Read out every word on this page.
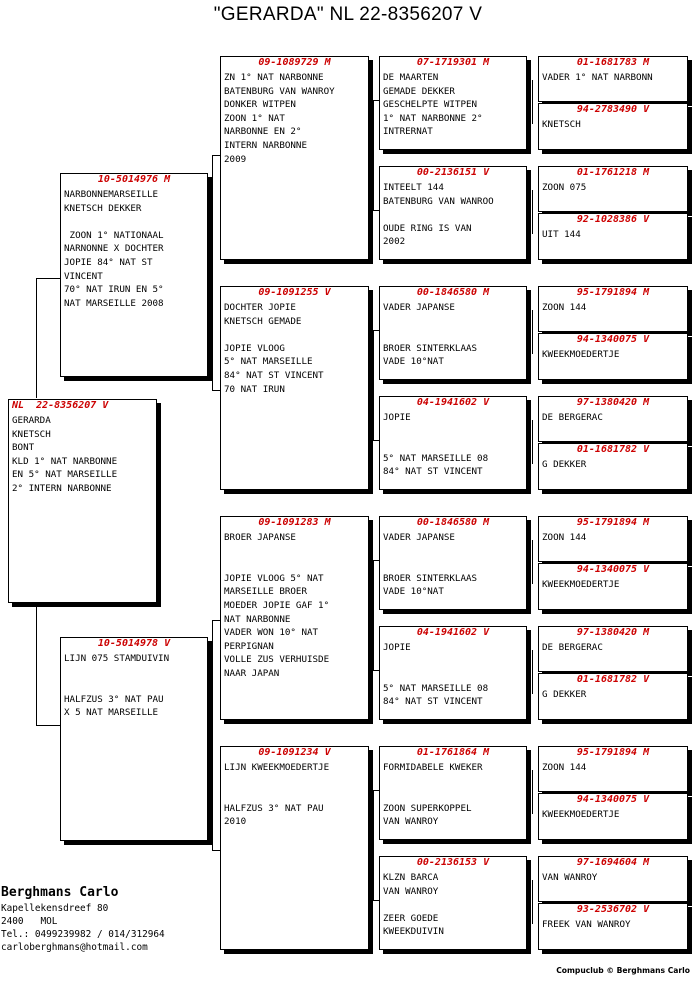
"GERARDA" NL 22-8356207 V
NL  22-8356207 V
GERARDA
KNETSCH
BONT
KLD 1° NAT NARBONNE
EN 5° NAT MARSEILLE
2° INTERN NARBONNE
10-5014976 M
NARBONNEMARSEILLE
KNETSCH DEKKER

ZOON 1° NATIONAAL
NARNONNE X DOCHTER
JOPIE 84° NAT ST
VINCENT
70° NAT IRUN EN 5°
NAT MARSEILLE 2008
10-5014978 V
LIJN 075 STAMDUIVIN

HALFZUS 3° NAT PAU
X 5 NAT MARSEILLE
09-1089729 M
ZN 1° NAT NARBONNE
BATENBURG VAN WANROY
DONKER WITPEN
ZOON 1° NAT
NARBONNE EN 2°
INTERN NARBONNE
2009
09-1091255 V
DOCHTER JOPIE
KNETSCH GEMADE

JOPIE VLOOG
5° NAT MARSEILLE
84° NAT ST VINCENT
70 NAT IRUN
09-1091283 M
BROER JAPANSE

JOPIE VLOOG 5° NAT
MARSEILLE BROER
MOEDER JOPIE GAF 1°
NAT NARBONNE
VADER WON 10° NAT
PERPIGNAN
VOLLE ZUS VERHUISDE
NAAR JAPAN
09-1091234 V
LIJN KWEEKMOEDERTJE

HALFZUS 3° NAT PAU
2010
07-1719301 M
DE MAARTEN
GEMADE DEKKER
GESCHELPTE WITPEN
1° NAT NARBONNE 2°
INTRERNAT
00-2136151 V
INTEELT 144
BATENBURG VAN WANROO

OUDE RING IS VAN
2002
00-1846580 M
VADER JAPANSE

BROER SINTERKLAAS
VADE 10°NAT
04-1941602 V
JOPIE

5° NAT MARSEILLE 08
84° NAT ST VINCENT
00-1846580 M
VADER JAPANSE

BROER SINTERKLAAS
VADE 10°NAT
04-1941602 V
JOPIE

5° NAT MARSEILLE 08
84° NAT ST VINCENT
01-1761864 M
FORMIDABELE KWEKER

ZOON SUPERKOPPEL
VAN WANROY
00-2136153 V
KLZN BARCA
VAN WANROY

ZEER GOEDE
KWEEKDUIVIN
01-1681783 M
VADER 1° NAT NARBONN
94-2783490 V
KNETSCH
01-1761218 M
ZOON 075
92-1028386 V
UIT 144
95-1791894 M
ZOON 144
94-1340075 V
KWEEKMOEDERTJE
97-1380420 M
DE BERGERAC
01-1681782 V
G DEKKER
95-1791894 M
ZOON 144
94-1340075 V
KWEEKMOEDERTJE
97-1380420 M
DE BERGERAC
01-1681782 V
G DEKKER
95-1791894 M
ZOON 144
94-1340075 V
KWEEKMOEDERTJE
97-1694604 M
VAN WANROY
93-2536702 V
FREEK VAN WANROY
Berghmans Carlo
Kapellekensdreef 80
2400   MOL
Tel.: 0499239982 / 014/312964
carloberghmans@hotmail.com
Compuclub © Berghmans Carlo
